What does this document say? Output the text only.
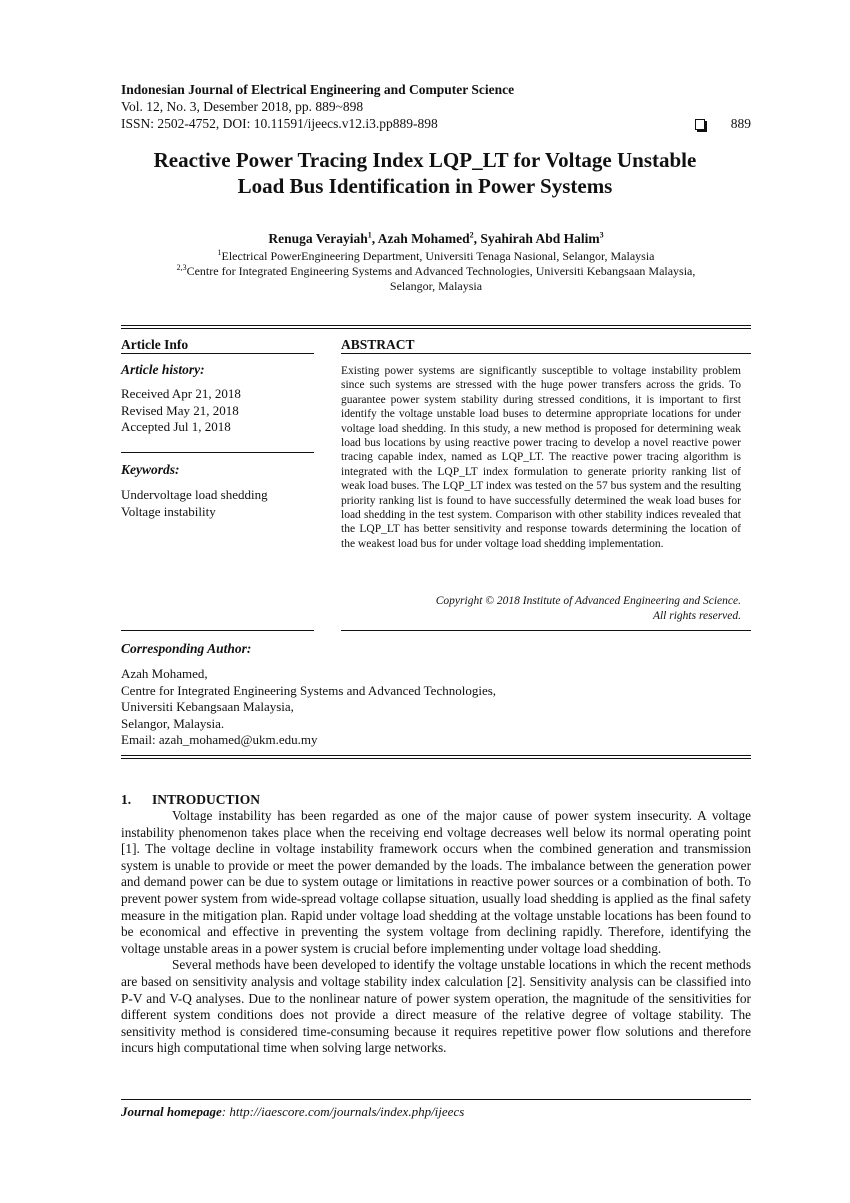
Indonesian Journal of Electrical Engineering and Computer Science
Vol. 12, No. 3, Desember 2018, pp. 889~898
ISSN: 2502-4752, DOI: 10.11591/ijeecs.v12.i3.pp889-898	889
Reactive Power Tracing Index LQP_LT for Voltage Unstable
Load Bus Identification in Power Systems
Renuga Verayiah$^1$, Azah Mohamed$^2$, Syahirah Abd Halim$^3$
$^1$Electrical PowerEngineering Department, Universiti Tenaga Nasional, Selangor, Malaysia
$^{2,3}$Centre for Integrated Engineering Systems and Advanced Technologies, Universiti Kebangsaan Malaysia,
Selangor, Malaysia
Article Info
Article history:
Received Apr 21, 2018
Revised May 21, 2018
Accepted Jul 1, 2018
Keywords:
Undervoltage load shedding
Voltage instability
ABSTRACT
Existing power systems are significantly susceptible to voltage instability problem since such systems are stressed with the huge power transfers across the grids. To guarantee power system stability during stressed conditions, it is important to first identify the voltage unstable load buses to determine appropriate locations for under voltage load shedding. In this study, a new method is proposed for determining weak load bus locations by using reactive power tracing to develop a novel reactive power tracing capable index, named as LQP_LT. The reactive power tracing algorithm is integrated with the LQP_LT index formulation to generate priority ranking list of weak load buses. The LQP_LT index was tested on the 57 bus system and the resulting priority ranking list is found to have successfully determined the weak load buses for load shedding in the test system. Comparison with other stability indices revealed that the LQP_LT has better sensitivity and response towards determining the location of the weakest load bus for under voltage load shedding implementation.
Copyright © 2018 Institute of Advanced Engineering and Science.
All rights reserved.
Corresponding Author:
Azah Mohamed,
Centre for Integrated Engineering Systems and Advanced Technologies,
Universiti Kebangsaan Malaysia,
Selangor, Malaysia.
Email: azah_mohamed@ukm.edu.my
1. INTRODUCTION

Voltage instability has been regarded as one of the major cause of power system insecurity. A voltage instability phenomenon takes place when the receiving end voltage decreases well below its normal operating point [1]. The voltage decline in voltage instability framework occurs when the combined generation and transmission system is unable to provide or meet the power demanded by the loads. The imbalance between the generation power and demand power can be due to system outage or limitations in reactive power sources or a combination of both. To prevent power system from wide-spread voltage collapse situation, usually load shedding is applied as the final safety measure in the mitigation plan. Rapid under voltage load shedding at the voltage unstable locations has been found to be economical and effective in preventing the system voltage from declining rapidly. Therefore, identifying the voltage unstable areas in a power system is crucial before implementing under voltage load shedding.

Several methods have been developed to identify the voltage unstable locations in which the recent methods are based on sensitivity analysis and voltage stability index calculation [2]. Sensitivity analysis can be classified into P-V and V-Q analyses. Due to the nonlinear nature of power system operation, the magnitude of the sensitivities for different system conditions does not provide a direct measure of the relative degree of voltage stability. The sensitivity method is considered time-consuming because it requires repetitive power flow solutions and therefore incurs high computational time when solving large networks.

Journal homepage: http://iaescore.com/journals/index.php/ijeecs
